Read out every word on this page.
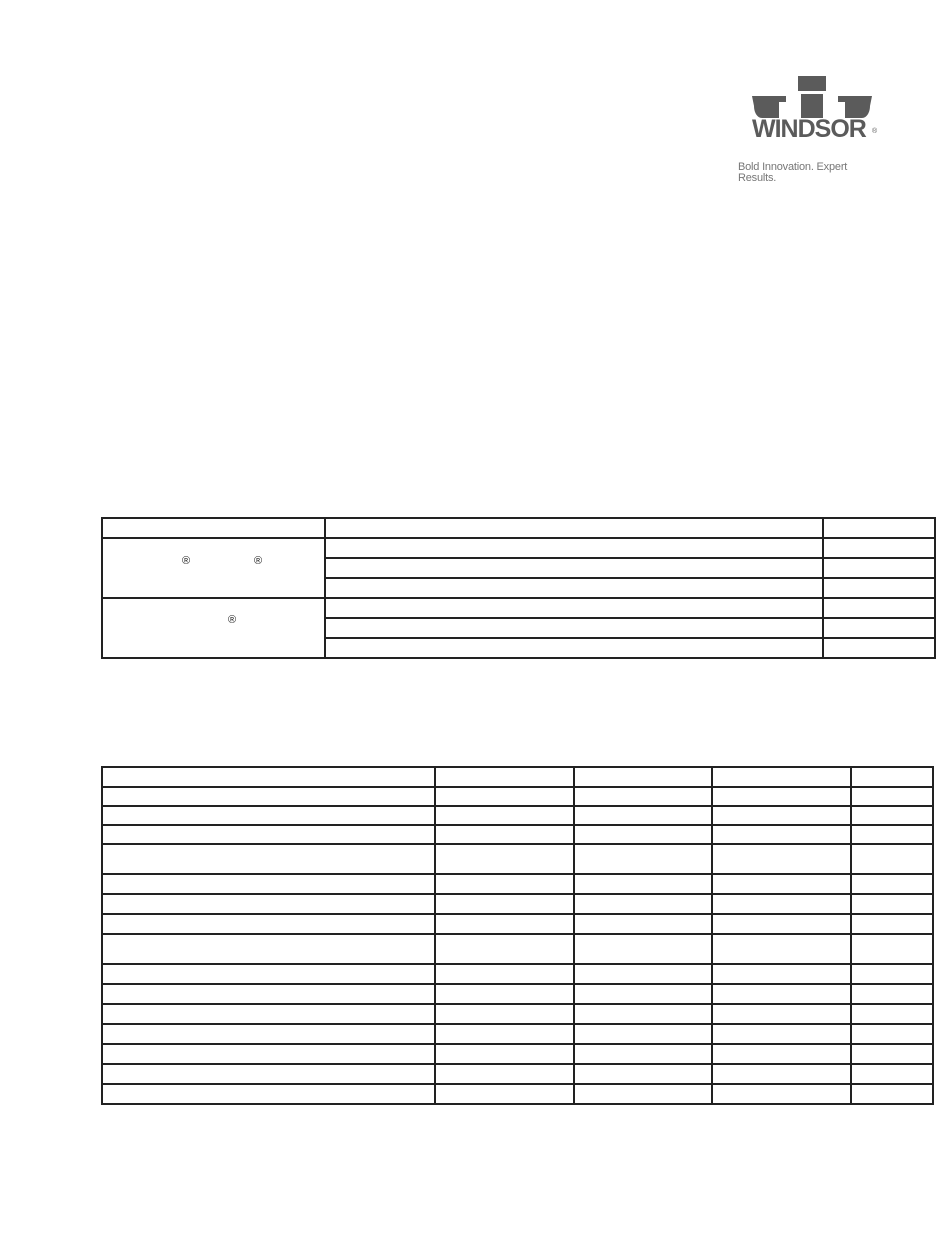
WINDSOR ®
Bold Innovation. Expert Results.

® ®		

®		
